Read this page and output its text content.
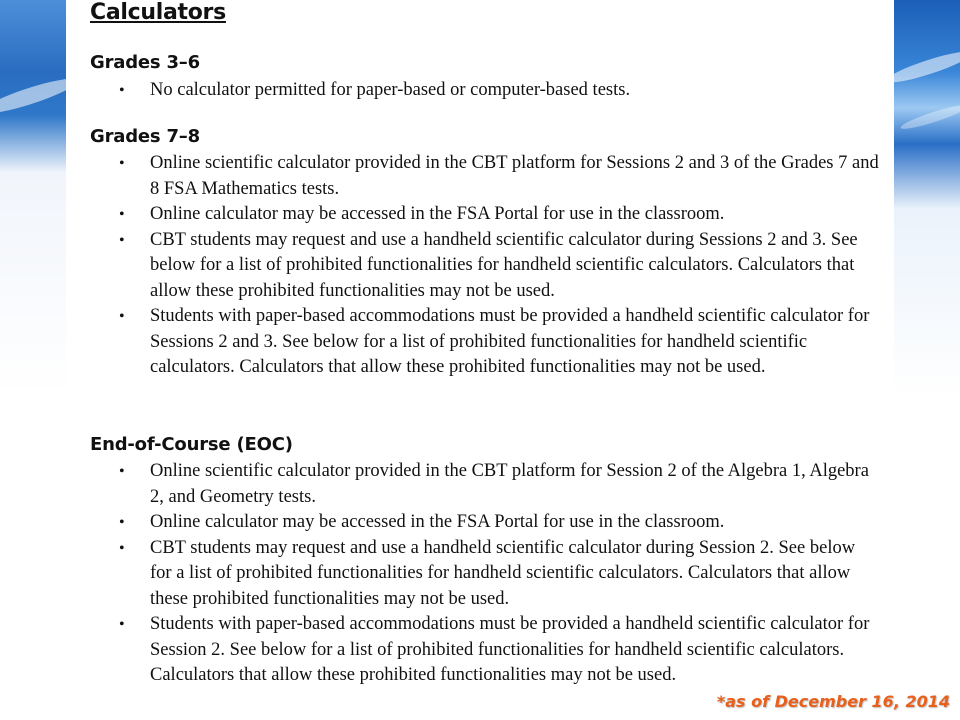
Calculators
Grades 3–6
• No calculator permitted for paper-based or computer-based tests.
Grades 7–8
• Online scientific calculator provided in the CBT platform for Sessions 2 and 3 of the Grades 7 and 8 FSA Mathematics tests.
• Online calculator may be accessed in the FSA Portal for use in the classroom.
• CBT students may request and use a handheld scientific calculator during Sessions 2 and 3. See below for a list of prohibited functionalities for handheld scientific calculators. Calculators that allow these prohibited functionalities may not be used.
• Students with paper-based accommodations must be provided a handheld scientific calculator for Sessions 2 and 3. See below for a list of prohibited functionalities for handheld scientific calculators. Calculators that allow these prohibited functionalities may not be used.
End-of-Course (EOC)
• Online scientific calculator provided in the CBT platform for Session 2 of the Algebra 1, Algebra 2, and Geometry tests.
• Online calculator may be accessed in the FSA Portal for use in the classroom.
• CBT students may request and use a handheld scientific calculator during Session 2. See below for a list of prohibited functionalities for handheld scientific calculators. Calculators that allow these prohibited functionalities may not be used.
• Students with paper-based accommodations must be provided a handheld scientific calculator for Session 2. See below for a list of prohibited functionalities for handheld scientific calculators. Calculators that allow these prohibited functionalities may not be used.
*as of December 16, 2014
